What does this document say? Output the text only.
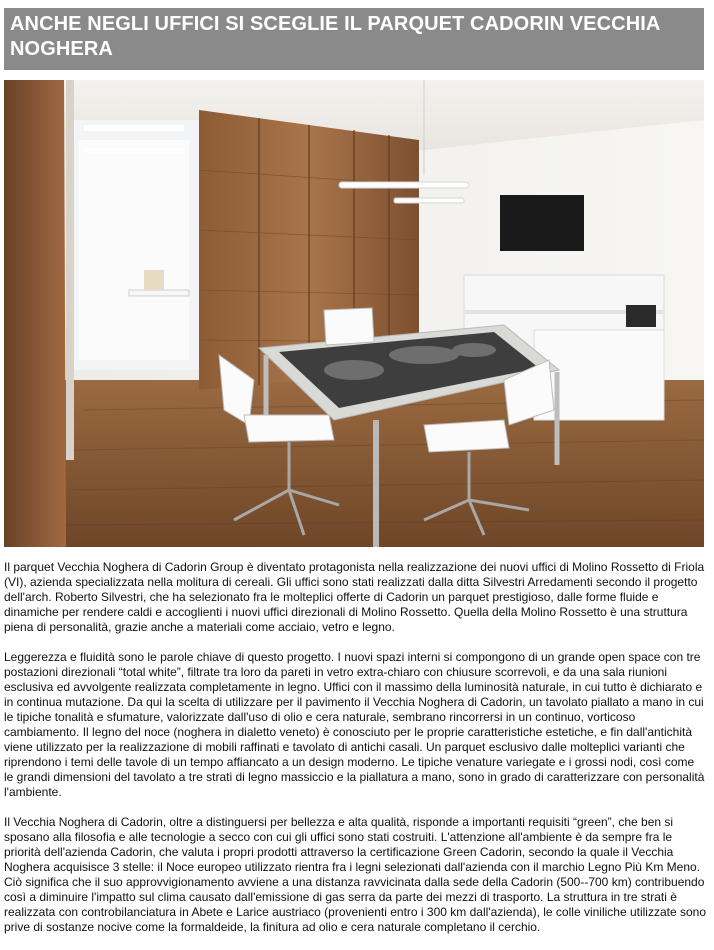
ANCHE NEGLI UFFICI SI SCEGLIE IL PARQUET CADORIN VECCHIA NOGHERA

Il parquet Vecchia Noghera di Cadorin Group è diventato protagonista nella realizzazione dei nuovi uffici di Molino Rossetto di Friola (VI), azienda specializzata nella molitura di cereali. Gli uffici sono stati realizzati dalla ditta Silvestri Arredamenti secondo il progetto dell'arch. Roberto Silvestri, che ha selezionato fra le molteplici offerte di Cadorin un parquet prestigioso, dalle forme fluide e dinamiche per rendere caldi e accoglienti i nuovi uffici direzionali di Molino Rossetto. Quella della Molino Rossetto è una struttura piena di personalità, grazie anche a materiali come acciaio, vetro e legno.

Leggerezza e fluidità sono le parole chiave di questo progetto. I nuovi spazi interni si compongono di un grande open space con tre postazioni direzionali “total white”, filtrate tra loro da pareti in vetro extra-chiaro con chiusure scorrevoli, e da una sala riunioni esclusiva ed avvolgente realizzata completamente in legno. Uffici con il massimo della luminosità naturale, in cui tutto è dichiarato e in continua mutazione. Da qui la scelta di utilizzare per il pavimento il Vecchia Noghera di Cadorin, un tavolato piallato a mano in cui le tipiche tonalità e sfumature, valorizzate dall'uso di olio e cera naturale, sembrano rincorrersi in un continuo, vorticoso cambiamento. Il legno del noce (noghera in dialetto veneto) è conosciuto per le proprie caratteristiche estetiche, e fin dall'antichità viene utilizzato per la realizzazione di mobili raffinati e tavolato di antichi casali. Un parquet esclusivo dalle molteplici varianti che riprendono i temi delle tavole di un tempo affiancato a un design moderno. Le tipiche venature variegate e i grossi nodi, così come le grandi dimensioni del tavolato a tre strati di legno massiccio e la piallatura a mano, sono in grado di caratterizzare con personalità l'ambiente.

Il Vecchia Noghera di Cadorin, oltre a distinguersi per bellezza e alta qualità, risponde a importanti requisiti “green”, che ben si sposano alla filosofia e alle tecnologie a secco con cui gli uffici sono stati costruiti. L'attenzione all'ambiente è da sempre fra le priorità dell'azienda Cadorin, che valuta i propri prodotti attraverso la certificazione Green Cadorin, secondo la quale il Vecchia Noghera acquisisce 3 stelle: il Noce europeo utilizzato rientra fra i legni selezionati dall'azienda con il marchio Legno Più Km Meno. Ciò significa che il suo approvvigionamento avviene a una distanza ravvicinata dalla sede della Cadorin (500--700 km) contribuendo così a diminuire l'impatto sul clima causato dall'emissione di gas serra da parte dei mezzi di trasporto. La struttura in tre strati è realizzata con controbilanciatura in Abete e Larice austriaco (provenienti entro i 300 km dall'azienda), le colle viniliche utilizzate sono prive di sostanze nocive come la formaldeide, la finitura ad olio e cera naturale completano il cerchio.
